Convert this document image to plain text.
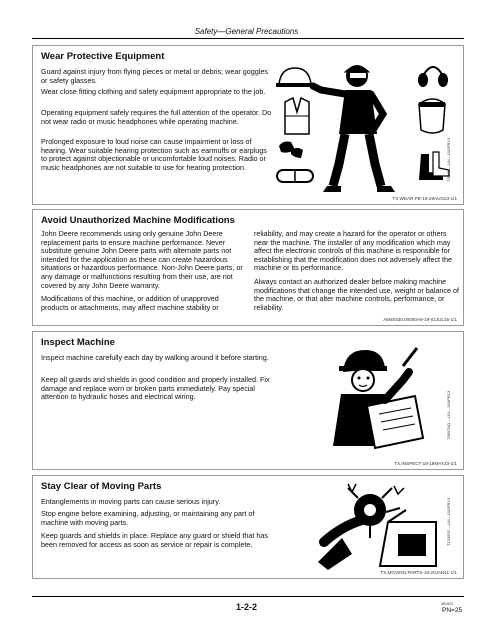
Safety—General Precautions
Wear Protective Equipment
Guard against injury from flying pieces or metal or debris; wear goggles or safety glasses.
Wear close fitting clothing and safety equipment appropriate to the job.
Operating equipment safely requires the full attention of the operator. Do not wear radio or music headphones while operating machine.
Prolonged exposure to loud noise can cause impairment or loss of hearing. Wear suitable hearing protection such as earmuffs or earplugs to protect against objectionable or uncomfortable loud noises. Radio or music headphones are not suitable to use for hearing protection.	TS206 —UN—15APR13
TX,WEAR,PE-19-28AUG23-1/1
Avoid Unauthorized Machine Modifications
John Deere recommends using only genuine John Deere replacement parts to ensure machine performance. Never substitute genuine John Deere parts with alternate parts not intended for the application as these can create hazardous situations or hazardous performance. Non-John Deere parts, or any damage or malfunctions resulting from their use, are not covered by any John Deere warranty.
Modifications of this machine, or addition of unapproved products or attachments, may affect machine stability or
reliability, and may create a hazard for the operator or others near the machine. The installer of any modification which may affect the electronic controls of this machine is responsible for establishing that the modification does not adversely affect the machine or its performance.
Always contact an authorized dealer before making machine modifications that change the intended use, weight or balance of the machine, or that alter machine controls, performance, or reliability.
AM40430,00000A9-19-01JUL15-1/1
Inspect Machine
Inspect machine carefully each day by walking around it before starting.
Keep all guards and shields in good condition and properly installed. Fix damage and replace worn or broken parts immediately. Pay special attention to hydraulic hoses and electrical wiring.	T6607AQ —UN—15APR13
TX,INSPECT-19-18MAY23-1/1
Stay Clear of Moving Parts
Entanglements in moving parts can cause serious injury.
Stop engine before examining, adjusting, or maintaining any part of machine with moving parts.
Keep guards and shields in place. Replace any guard or shield that has been removed for access as soon as service or repair is complete.	T133592 —UN—15APR13
TX,MOVING,PARTS-19-20JAN11-1/1
1-2-2	081923
PN=25
